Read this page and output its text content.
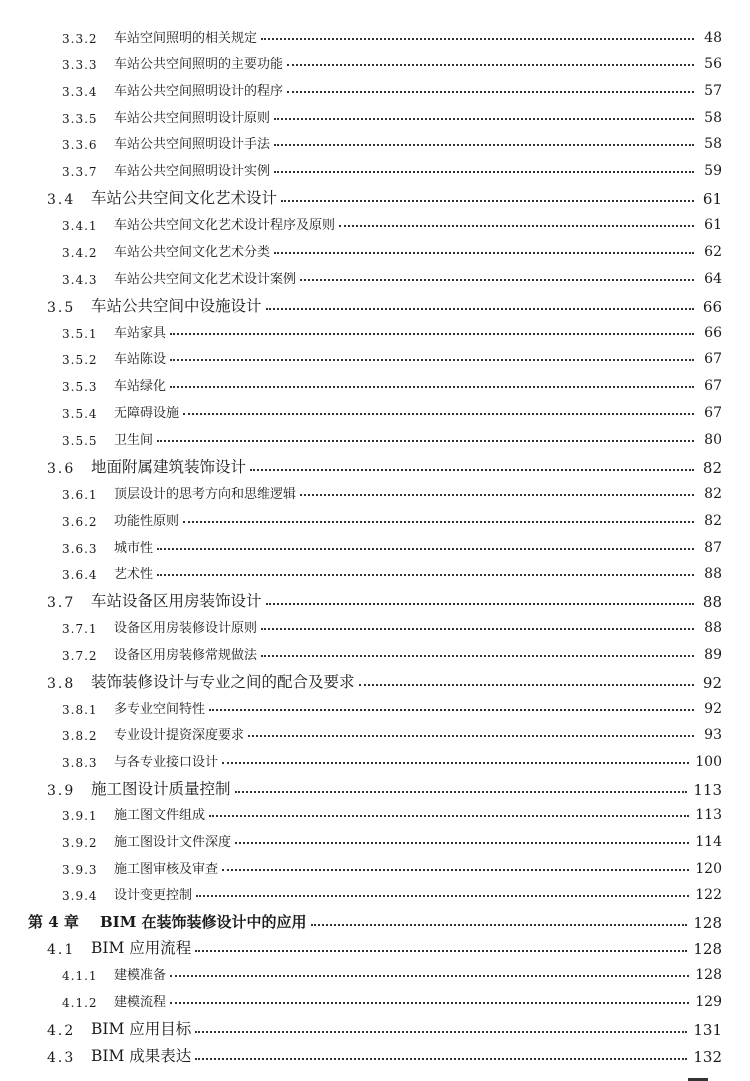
3.3.2	车站空间照明的相关规定	48
3.3.3	车站公共空间照明的主要功能	56
3.3.4	车站公共空间照明设计的程序	57
3.3.5	车站公共空间照明设计原则	58
3.3.6	车站公共空间照明设计手法	58
3.3.7	车站公共空间照明设计实例	59
3.4	车站公共空间文化艺术设计	61
3.4.1	车站公共空间文化艺术设计程序及原则	61
3.4.2	车站公共空间文化艺术分类	62
3.4.3	车站公共空间文化艺术设计案例	64
3.5	车站公共空间中设施设计	66
3.5.1	车站家具	66
3.5.2	车站陈设	67
3.5.3	车站绿化	67
3.5.4	无障碍设施	67
3.5.5	卫生间	80
3.6	地面附属建筑装饰设计	82
3.6.1	顶层设计的思考方向和思维逻辑	82
3.6.2	功能性原则	82
3.6.3	城市性	87
3.6.4	艺术性	88
3.7	车站设备区用房装饰设计	88
3.7.1	设备区用房装修设计原则	88
3.7.2	设备区用房装修常规做法	89
3.8	装饰装修设计与专业之间的配合及要求	92
3.8.1	多专业空间特性	92
3.8.2	专业设计提资深度要求	93
3.8.3	与各专业接口设计	100
3.9	施工图设计质量控制	113
3.9.1	施工图文件组成	113
3.9.2	施工图设计文件深度	114
3.9.3	施工图审核及审查	120
3.9.4	设计变更控制	122
第 4 章	BIM 在装饰装修设计中的应用	128
4.1	BIM 应用流程	128
4.1.1	建模准备	128
4.1.2	建模流程	129
4.2	BIM 应用目标	131
4.3	BIM 成果表达	132
